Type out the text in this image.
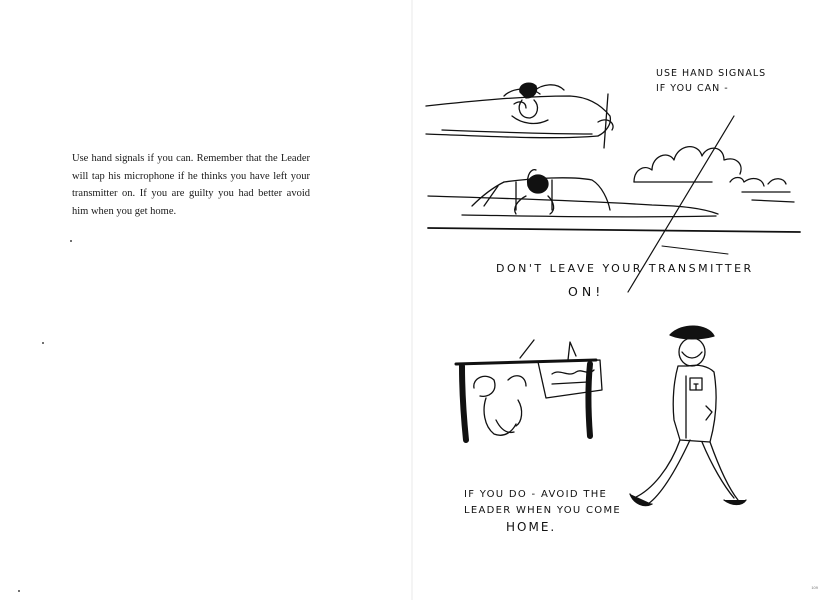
Use hand signals if you can. Remember that the Leader will tap his microphone if he thinks you have left your transmitter on. If you are guilty you had better avoid him when you get home.

USE HAND SIGNALS
IF YOU CAN -

DON'T LEAVE YOUR TRANSMITTER

ON!

IF YOU DO - AVOID THE
LEADER WHEN YOU COME

HOME.

109
